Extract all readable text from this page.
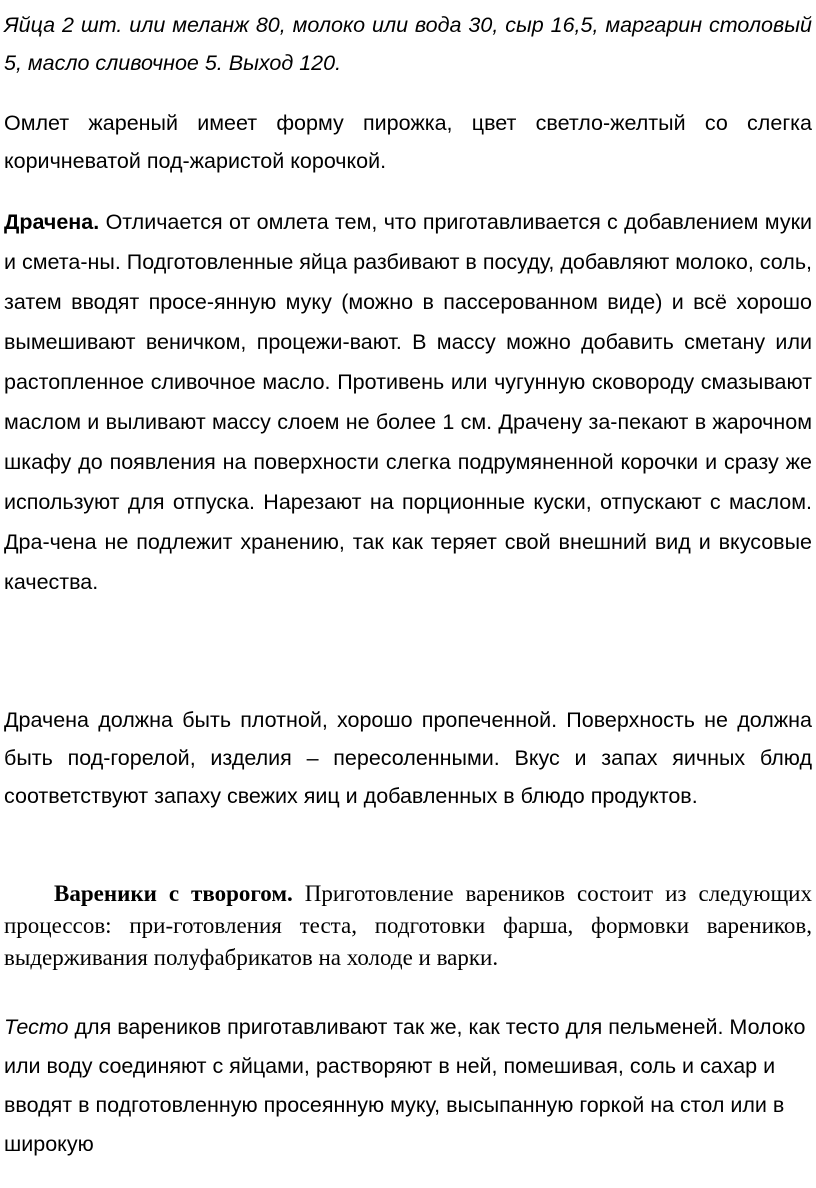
Яйца 2 шт. или меланж 80, молоко или вода 30, сыр 16,5, маргарин столовый 5, масло сливочное 5. Выход 120.

Омлет жареный имеет форму пирожка, цвет светло-желтый со слегка коричневатой под-жаристой корочкой.

Драчена. Отличается от омлета тем, что приготавливается с добавлением муки и смета-ны. Подготовленные яйца разбивают в посуду, добавляют молоко, соль, затем вводят просе-янную муку (можно в пассерованном виде) и всё хорошо вымешивают веничком, процежи-вают. В массу можно добавить сметану или растопленное сливочное масло. Противень или чугунную сковороду смазывают маслом и выливают массу слоем не более 1 см. Драчену за-пекают в жарочном шкафу до появления на поверхности слегка подрумяненной корочки и сразу же используют для отпуска. Нарезают на порционные куски, отпускают с маслом. Дра-чена не подлежит хранению, так как теряет свой внешний вид и вкусовые качества.

Драчена должна быть плотной, хорошо пропеченной. Поверхность не должна быть под-горелой, изделия – пересоленными. Вкус и запах яичных блюд соответствуют запаху свежих яиц и добавленных в блюдо продуктов.

Вареники с творогом. Приготовление вареников состоит из следующих процессов: при-готовления теста, подготовки фарша, формовки вареников, выдерживания полуфабрикатов на холоде и варки.

Тесто для вареников приготавливают так же, как тесто для пельменей. Молоко или воду соединяют с яйцами, растворяют в ней, помешивая, соль и сахар и вводят в подготовленную просеянную муку, высыпанную горкой на стол или в широкую
